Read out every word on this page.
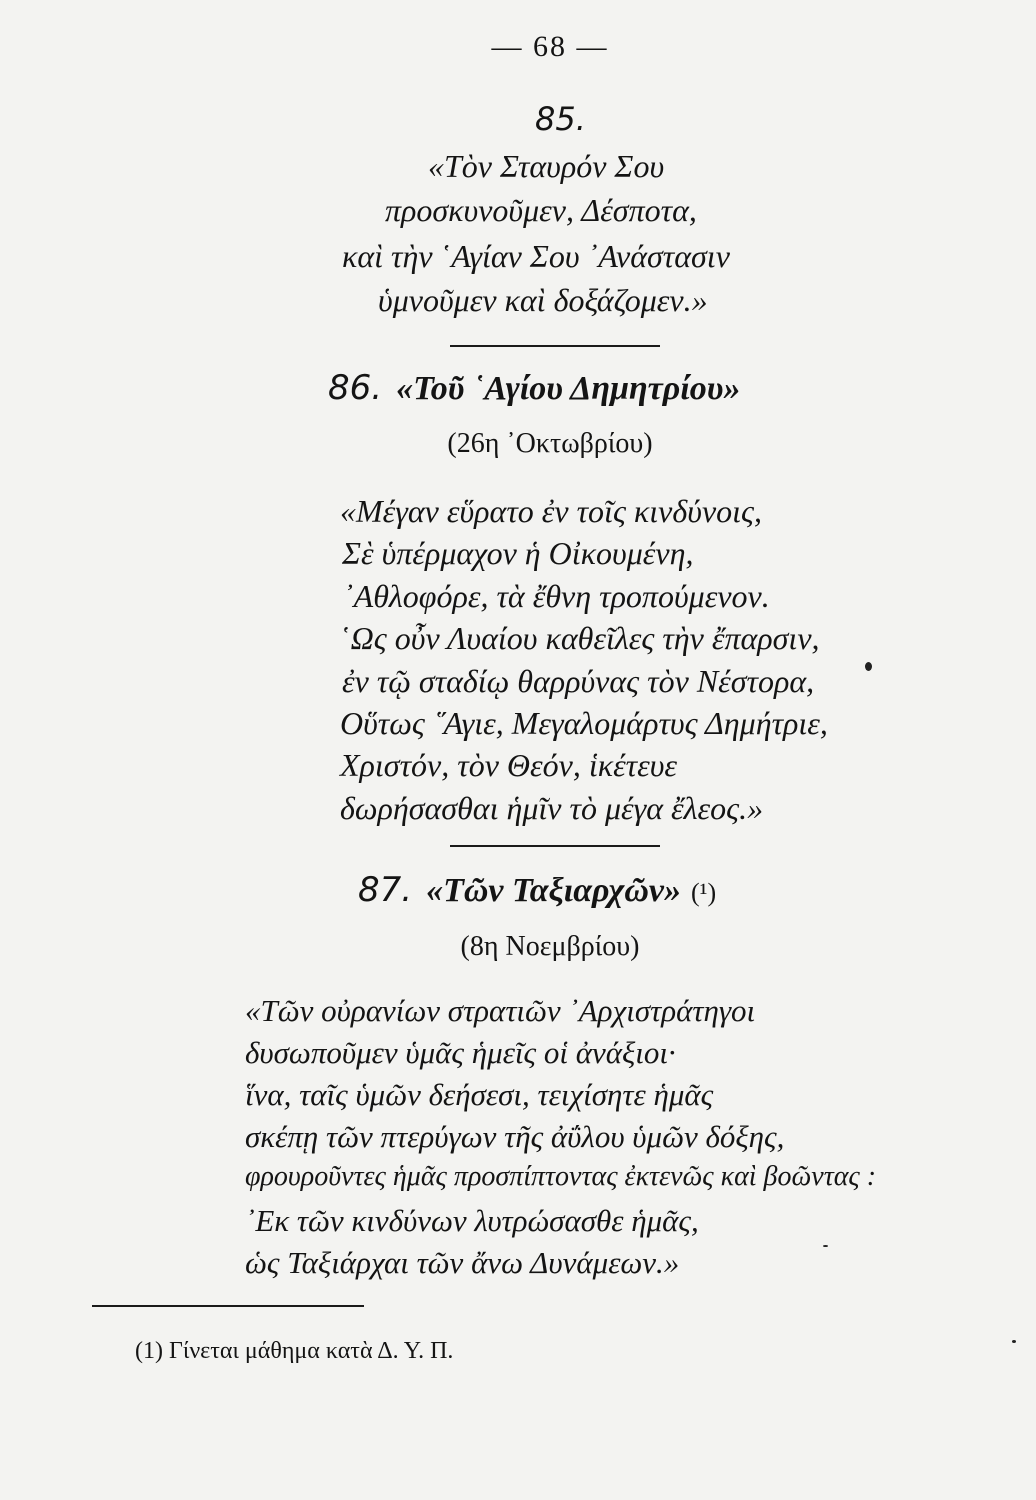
— 68 —
85.
«Τὸν Σταυρόν Σου
προσκυνοῦμεν, Δέσποτα,
καὶ τὴν ῾Αγίαν Σου ᾿Ανάστασιν
ὑμνοῦμεν καὶ δοξάζομεν.»
86. «Τοῦ ῾Αγίου Δημητρίου»
(26η ᾿Οκτωβρίου)
«Μέγαν εὕρατο ἐν τοῖς κινδύνοις,
Σὲ ὑπέρμαχον ἡ Οἰκουμένη,
᾿Αθλοφόρε, τὰ ἔθνη τροπούμενον.
῾Ως οὖν Λυαίου καθεῖλες τὴν ἔπαρσιν,
ἐν τῷ σταδίῳ θαρρύνας τὸν Νέστορα,
Οὕτως ῞Αγιε, Μεγαλομάρτυς Δημήτριε,
Χριστόν, τὸν Θεόν, ἱκέτευε
δωρήσασθαι ἡμῖν τὸ μέγα ἔλεος.»
87. «Τῶν Ταξιαρχῶν» (¹)
(8η Νοεμβρίου)
«Τῶν οὐρανίων στρατιῶν ᾿Αρχιστράτηγοι
δυσωποῦμεν ὑμᾶς ἡμεῖς οἱ ἀνάξιοι·
ἵνα, ταῖς ὑμῶν δεήσεσι, τειχίσητε ἡμᾶς
σκέπῃ τῶν πτερύγων τῆς ἀΰλου ὑμῶν δόξης,
φρουροῦντες ἡμᾶς προσπίπτοντας ἐκτενῶς καὶ βοῶντας :
᾿Εκ τῶν κινδύνων λυτρώσασθε ἡμᾶς,
ὡς Ταξιάρχαι τῶν ἄνω Δυνάμεων.»
(1) Γίνεται μάθημα κατὰ Δ. Υ. Π.
